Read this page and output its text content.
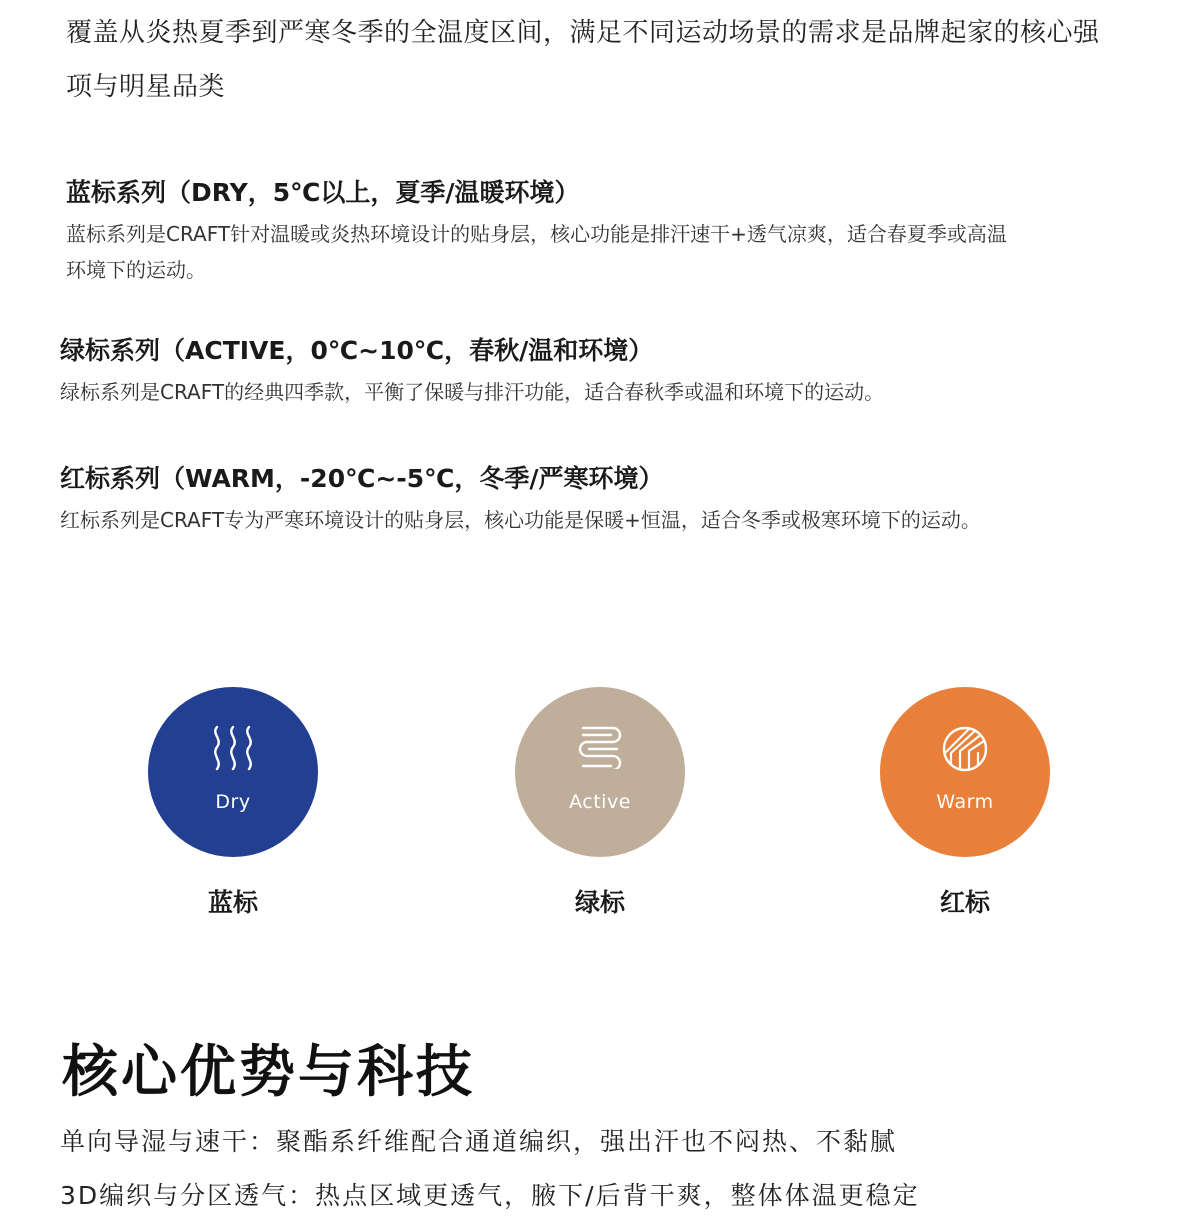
覆盖从炎热夏季到严寒冬季的全温度区间，满足不同运动场景的需求是品牌起家的核心强
项与明星品类

蓝标系列（DRY，5℃以上，夏季/温暖环境）

蓝标系列是CRAFT针对温暖或炎热环境设计的贴身层，核心功能是排汗速干+透气凉爽，适合春夏季或高温
环境下的运动。

绿标系列（ACTIVE，0℃~10℃，春秋/温和环境）

绿标系列是CRAFT的经典四季款，平衡了保暖与排汗功能，适合春秋季或温和环境下的运动。

红标系列（WARM，-20℃~-5℃，冬季/严寒环境）

红标系列是CRAFT专为严寒环境设计的贴身层，核心功能是保暖+恒温，适合冬季或极寒环境下的运动。

Dry
蓝标
Active
绿标
Warm
红标
核心优势与科技
单向导湿与速干：聚酯系纤维配合通道编织，强出汗也不闷热、不黏腻
3D编织与分区透气：热点区域更透气，腋下/后背干爽，整体体温更稳定
